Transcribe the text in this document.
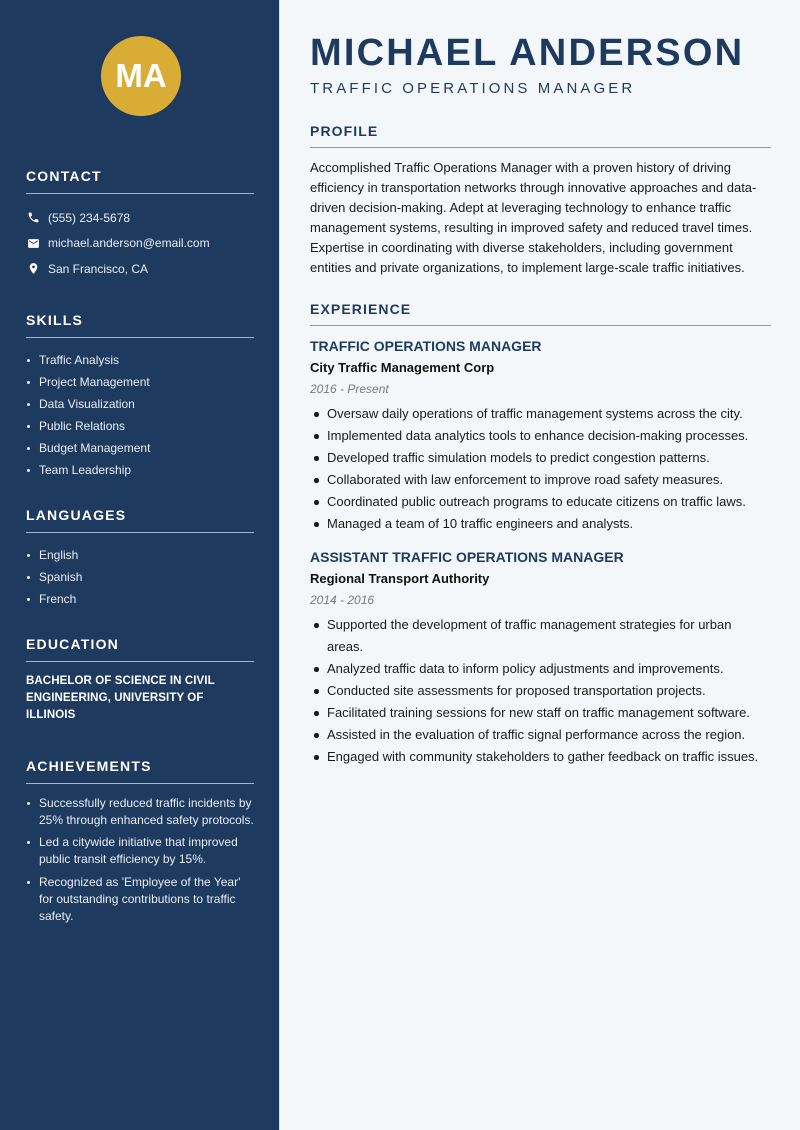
MA
CONTACT
(555) 234-5678
michael.anderson@email.com
San Francisco, CA
SKILLS
Traffic Analysis
Project Management
Data Visualization
Public Relations
Budget Management
Team Leadership
LANGUAGES
English
Spanish
French
EDUCATION
BACHELOR OF SCIENCE IN CIVIL ENGINEERING, UNIVERSITY OF ILLINOIS
ACHIEVEMENTS
Successfully reduced traffic incidents by 25% through enhanced safety protocols.
Led a citywide initiative that improved public transit efficiency by 15%.
Recognized as 'Employee of the Year' for outstanding contributions to traffic safety.
MICHAEL ANDERSON
TRAFFIC OPERATIONS MANAGER
PROFILE

Accomplished Traffic Operations Manager with a proven history of driving efficiency in transportation networks through innovative approaches and data-driven decision-making. Adept at leveraging technology to enhance traffic management systems, resulting in improved safety and reduced travel times. Expertise in coordinating with diverse stakeholders, including government entities and private organizations, to implement large-scale traffic initiatives.

EXPERIENCE
TRAFFIC OPERATIONS MANAGER
City Traffic Management Corp
2016 - Present
Oversaw daily operations of traffic management systems across the city.
Implemented data analytics tools to enhance decision-making processes.
Developed traffic simulation models to predict congestion patterns.
Collaborated with law enforcement to improve road safety measures.
Coordinated public outreach programs to educate citizens on traffic laws.
Managed a team of 10 traffic engineers and analysts.
ASSISTANT TRAFFIC OPERATIONS MANAGER
Regional Transport Authority
2014 - 2016
Supported the development of traffic management strategies for urban areas.
Analyzed traffic data to inform policy adjustments and improvements.
Conducted site assessments for proposed transportation projects.
Facilitated training sessions for new staff on traffic management software.
Assisted in the evaluation of traffic signal performance across the region.
Engaged with community stakeholders to gather feedback on traffic issues.
